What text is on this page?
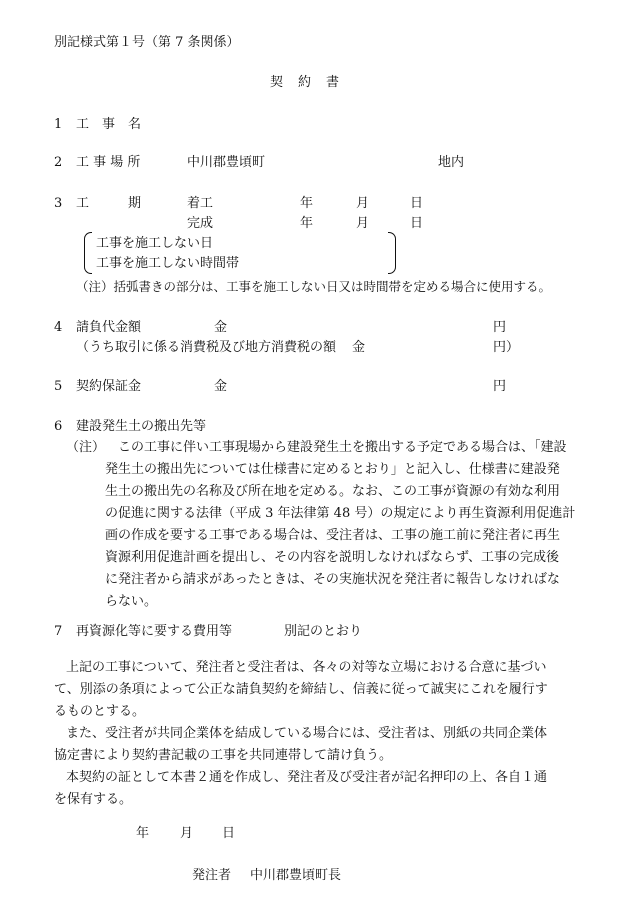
別記様式第１号（第 7 条関係）
契　約　書
1 工　事　名
2 工 事 場 所	中川郡豊頃町	地内
3 工　　　期	着工	年	月	日
完成	年	月	日
工事を施工しない日
工事を施工しない時間帯
（注）括弧書きの部分は、工事を施工しない日又は時間帯を定める場合に使用する。
4 請負代金額	金	円
（うち取引に係る消費税及び地方消費税の額 金	円）
5 契約保証金	金	円
6 建設発生土の搬出先等
（注） この工事に伴い工事現場から建設発生土を搬出する予定である場合は、「建設
発生土の搬出先については仕様書に定めるとおり」と記入し、仕様書に建設発
生土の搬出先の名称及び所在地を定める。なお、この工事が資源の有効な利用
の促進に関する法律（平成 3 年法律第 48 号）の規定により再生資源利用促進計
画の作成を要する工事である場合は、受注者は、工事の施工前に発注者に再生
資源利用促進計画を提出し、その内容を説明しなければならず、工事の完成後
に発注者から請求があったときは、その実施状況を発注者に報告しなければな
らない。
7 再資源化等に要する費用等	別記のとおり
上記の工事について、発注者と受注者は、各々の対等な立場における合意に基づい
て、別添の条項によって公正な請負契約を締結し、信義に従って誠実にこれを履行す
るものとする。
また、受注者が共同企業体を結成している場合には、受注者は、別紙の共同企業体
協定書により契約書記載の工事を共同連帯して請け負う。
本契約の証として本書２通を作成し、発注者及び受注者が記名押印の上、各自１通
を保有する。
年 月 日
発注者 中川郡豊頃町長
